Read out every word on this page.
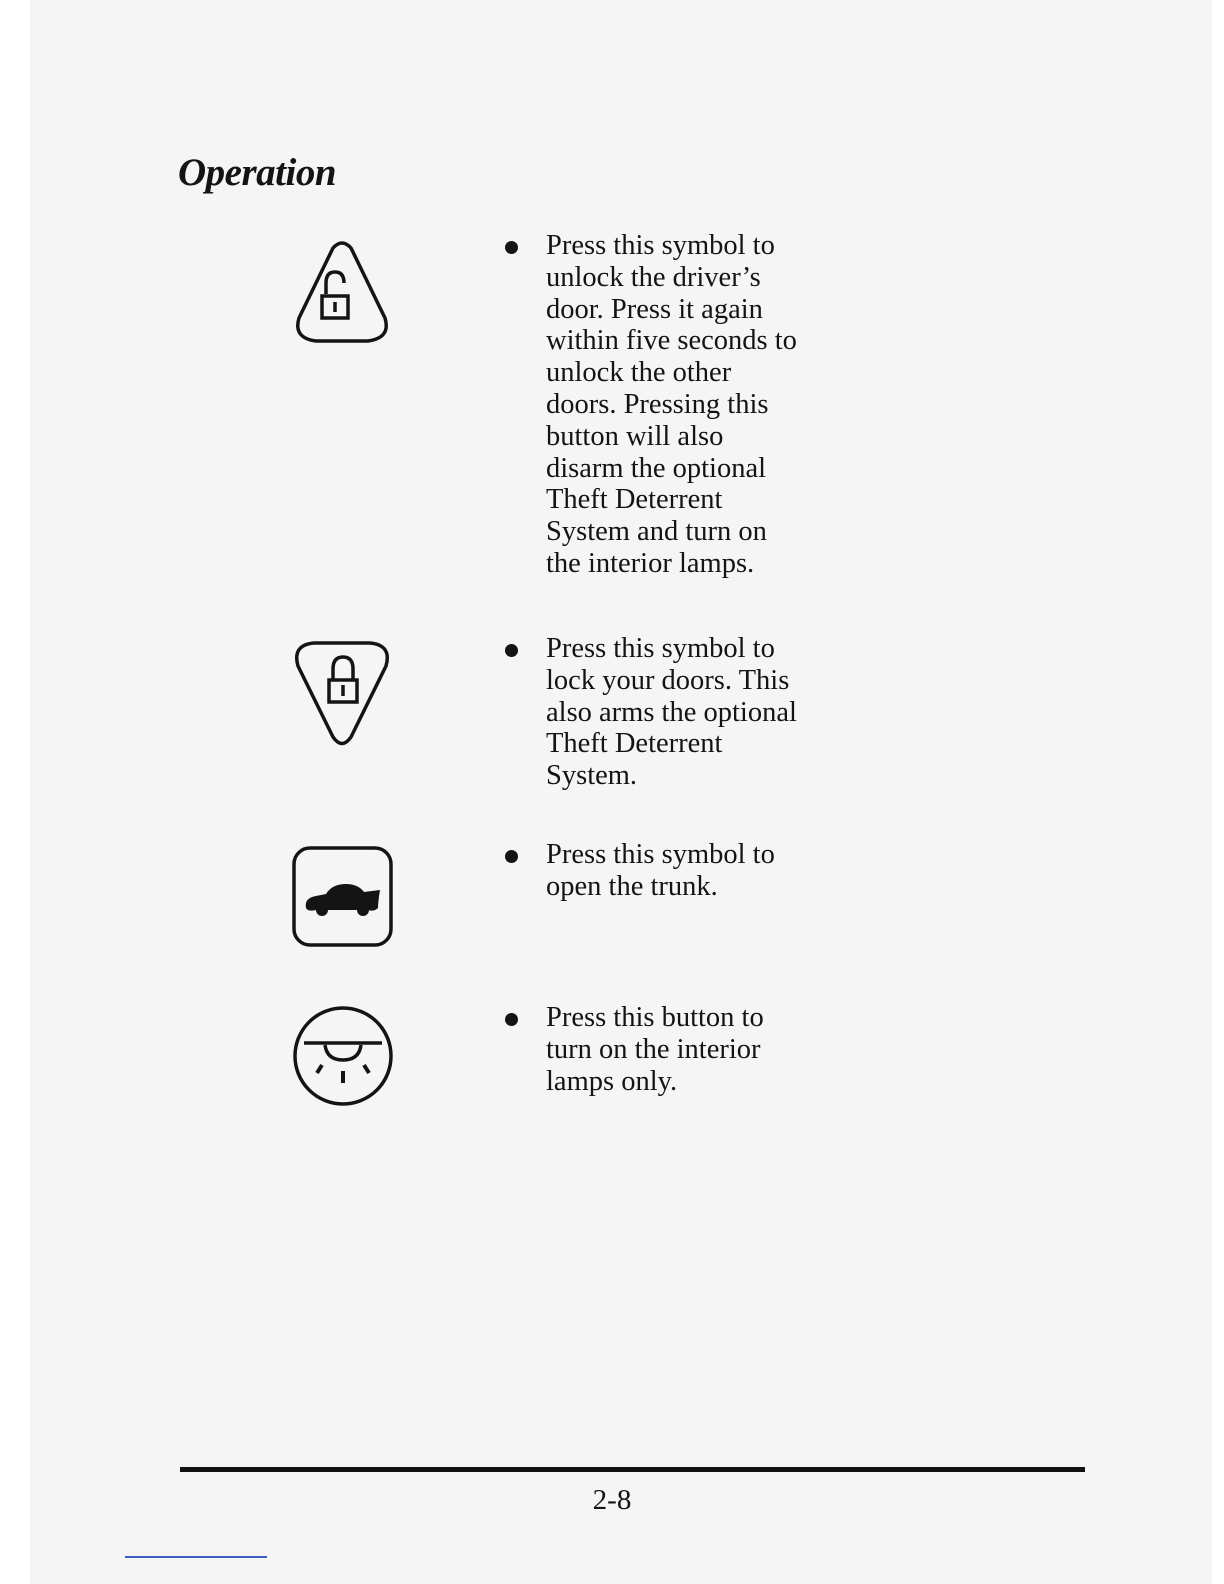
Operation
Press this symbol to unlock the driver’s door. Press it again within five seconds to unlock the other doors. Pressing this button will also disarm the optional Theft Deterrent System and turn on the interior lamps.
Press this symbol to lock your doors. This also arms the optional Theft Deterrent System.
Press this symbol to open the trunk.
Press this button to turn on the interior lamps only.
2-8
